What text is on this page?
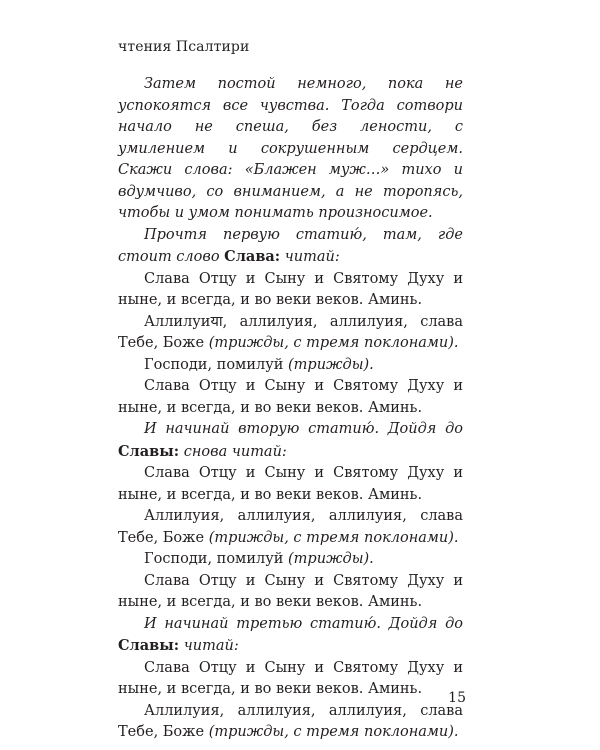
чтения Псалтири

Затем постой немного, пока не успокоятся все чувства. Тогда сотвори начало не спеша, без лености, с умилением и сокрушенным сердцем. Скажи слова: «Блажен муж…» тихо и вдумчиво, со вниманием, а не торопясь, чтобы и умом понимать произносимое.

Прочтя первую статию́, там, где стоит слово Слава: читай:

Слава Отцу и Сыну и Святому Духу и ныне, и всегда, и во веки веков. Аминь.

Аллилуиया, аллилуия, аллилуия, слава Тебе, Боже (трижды, с тремя поклонами).

Господи, помилуй (трижды).

Слава Отцу и Сыну и Святому Духу и ныне, и всегда, и во веки веков. Аминь.

И начинай вторую статию́. Дойдя до Славы: снова читай:

Слава Отцу и Сыну и Святому Духу и ныне, и всегда, и во веки веков. Аминь.

Аллилуия, аллилуия, аллилуия, слава Тебе, Боже (трижды, с тремя поклонами).

Господи, помилуй (трижды).

Слава Отцу и Сыну и Святому Духу и ныне, и всегда, и во веки веков. Аминь.

И начинай третью статию́. Дойдя до Славы: читай:

Слава Отцу и Сыну и Святому Духу и ныне, и всегда, и во веки веков. Аминь.

Аллилуия, аллилуия, аллилуия, слава Тебе, Боже (трижды, с тремя поклонами).

15
